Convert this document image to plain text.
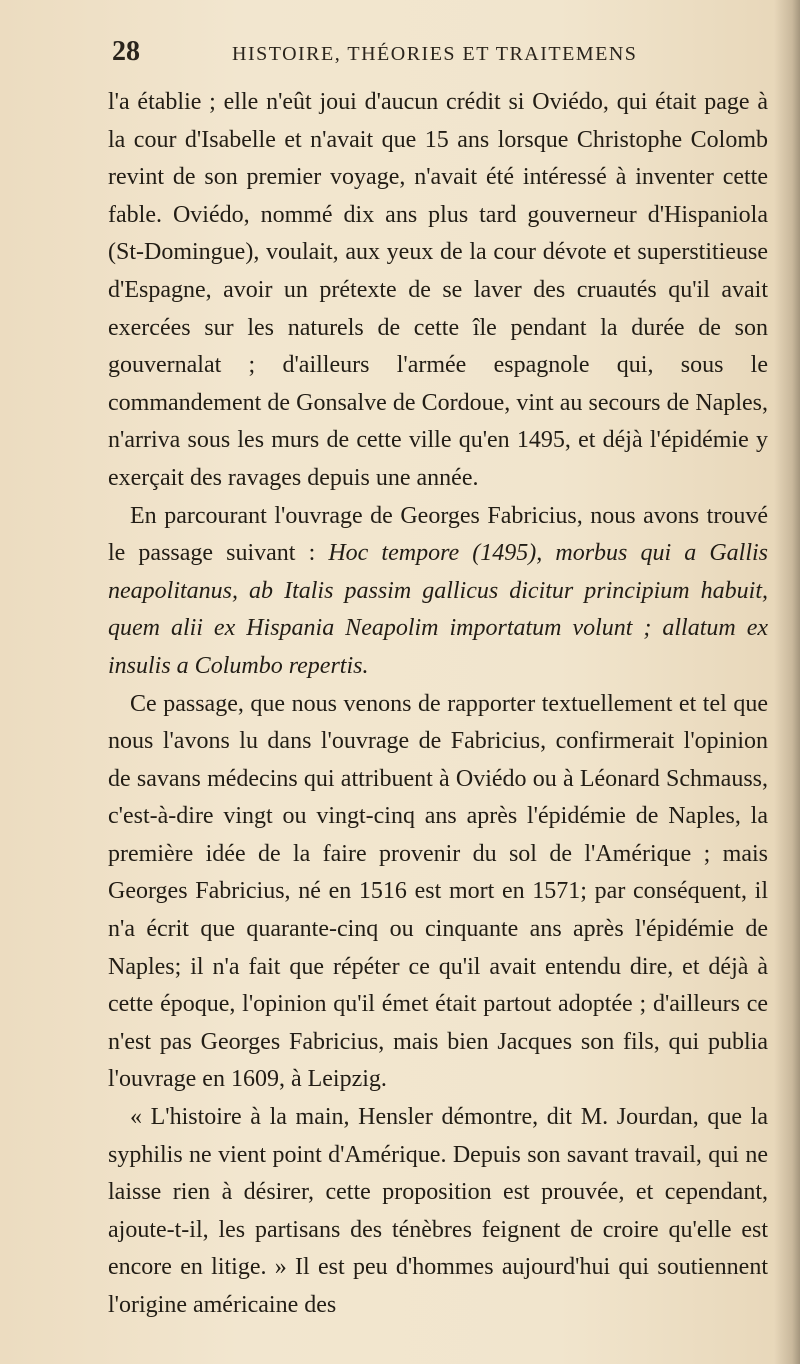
28	HISTOIRE, THÉORIES ET TRAITEMENS

l'a établie ; elle n'eût joui d'aucun crédit si Oviédo, qui était page à la cour d'Isabelle et n'avait que 15 ans lorsque Christophe Colomb revint de son premier voyage, n'avait été intéressé à inventer cette fable. Oviédo, nommé dix ans plus tard gouverneur d'Hispaniola (St-Domingue), voulait, aux yeux de la cour dévote et superstitieuse d'Espagne, avoir un prétexte de se laver des cruautés qu'il avait exercées sur les naturels de cette île pendant la durée de son gouvernalat ; d'ailleurs l'armée espagnole qui, sous le commandement de Gonsalve de Cordoue, vint au secours de Naples, n'arriva sous les murs de cette ville qu'en 1495, et déjà l'épidémie y exerçait des ravages depuis une année.

En parcourant l'ouvrage de Georges Fabricius, nous avons trouvé le passage suivant : Hoc tempore (1495), morbus qui a Gallis neapolitanus, ab Italis passim gallicus dicitur principium habuit, quem alii ex Hispania Neapolim importatum volunt ; allatum ex insulis a Columbo repertis.

Ce passage, que nous venons de rapporter textuellement et tel que nous l'avons lu dans l'ouvrage de Fabricius, confirmerait l'opinion de savans médecins qui attribuent à Oviédo ou à Léonard Schmauss, c'est-à-dire vingt ou vingt-cinq ans après l'épidémie de Naples, la première idée de la faire provenir du sol de l'Amérique ; mais Georges Fabricius, né en 1516 est mort en 1571; par conséquent, il n'a écrit que quarante-cinq ou cinquante ans après l'épidémie de Naples; il n'a fait que répéter ce qu'il avait entendu dire, et déjà à cette époque, l'opinion qu'il émet était partout adoptée ; d'ailleurs ce n'est pas Georges Fabricius, mais bien Jacques son fils, qui publia l'ouvrage en 1609, à Leipzig.

« L'histoire à la main, Hensler démontre, dit M. Jourdan, que la syphilis ne vient point d'Amérique. Depuis son savant travail, qui ne laisse rien à désirer, cette proposition est prouvée, et cependant, ajoute-t-il, les partisans des ténèbres feignent de croire qu'elle est encore en litige. » Il est peu d'hommes aujourd'hui qui soutiennent l'origine américaine des
